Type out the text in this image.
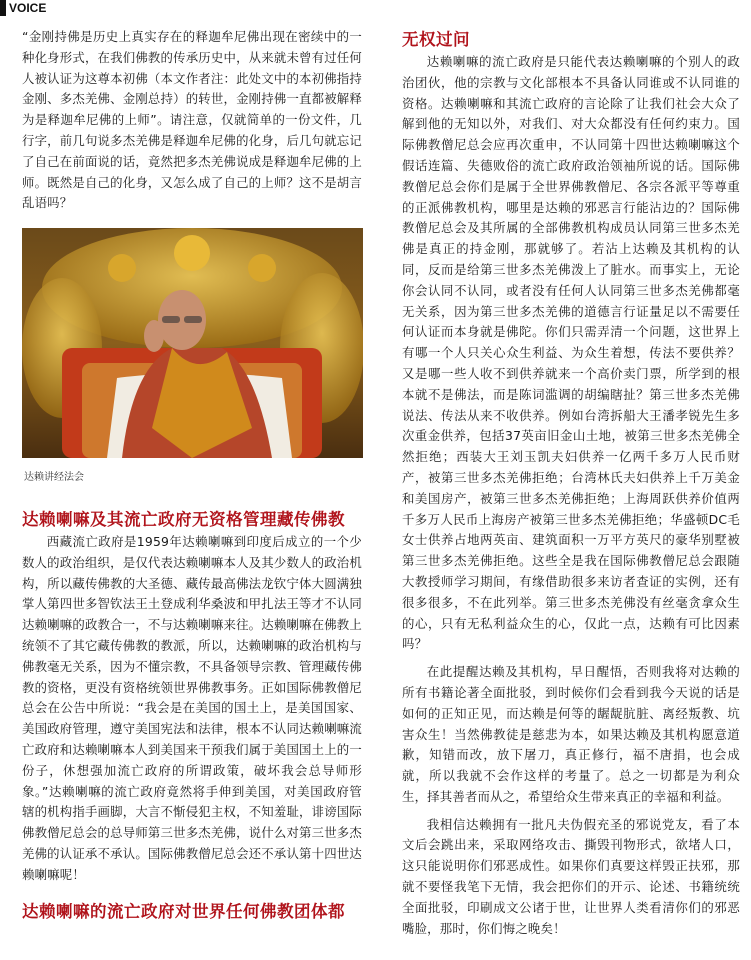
VOICE

“金刚持佛是历史上真实存在的释迦牟尼佛出现在密续中的一种化身形式，在我们佛教的传承历史中，从来就未曾有过任何人被认证为这尊本初佛（本文作者注：此处文中的本初佛指持金刚、多杰羌佛、金刚总持）的转世，金刚持佛一直都被解释为是释迦牟尼佛的上师”。请注意，仅就简单的一份文件，几行字，前几句说多杰羌佛是释迦牟尼佛的化身，后几句就忘记了自己在前面说的话，竟然把多杰羌佛说成是释迦牟尼佛的上师。既然是自己的化身，又怎么成了自己的上师？这不是胡言乱语吗？

达赖讲经法会
达赖喇嘛及其流亡政府无资格管理藏传佛教

西藏流亡政府是1959年达赖喇嘛到印度后成立的一个少数人的政治组织，是仅代表达赖喇嘛本人及其少数人的政治机构，所以藏传佛教的大圣德、藏传最高佛法龙钦宁体大圆满独掌人第四世多智钦法王土登成利华桑波和甲扎法王等才不认同达赖喇嘛的政教合一，不与达赖喇嘛来往。达赖喇嘛在佛教上统领不了其它藏传佛教的教派，所以，达赖喇嘛的政治机构与佛教毫无关系，因为不懂宗教，不具备领导宗教、管理藏传佛教的资格，更没有资格统领世界佛教事务。正如国际佛教僧尼总会在公告中所说：“我会是在美国的国土上，是美国国家、美国政府管理，遵守美国宪法和法律，根本不认同达赖喇嘛流亡政府和达赖喇嘛本人到美国来干预我们属于美国国土上的一份子，休想强加流亡政府的所谓政策，破坏我会总导师形象。”达赖喇嘛的流亡政府竟然将手伸到美国，对美国政府管辖的机构指手画脚，大言不惭侵犯主权，不知羞耻，诽谤国际佛教僧尼总会的总导师第三世多杰羌佛，说什么对第三世多杰羌佛的认证承不承认。国际佛教僧尼总会还不承认第十四世达赖喇嘛呢！

达赖喇嘛的流亡政府对世界任何佛教团体都
无权过问

达赖喇嘛的流亡政府是只能代表达赖喇嘛的个别人的政治团伙，他的宗教与文化部根本不具备认同谁或不认同谁的资格。达赖喇嘛和其流亡政府的言论除了让我们社会大众了解到他的无知以外，对我们、对大众都没有任何约束力。国际佛教僧尼总会应再次重申，不认同第十四世达赖喇嘛这个假话连篇、失德败俗的流亡政府政治领袖所说的话。国际佛教僧尼总会你们是属于全世界佛教僧尼、各宗各派平等尊重的正派佛教机构，哪里是达赖的邪恶言行能沾边的？国际佛教僧尼总会及其所属的全部佛教机构成员认同第三世多杰羌佛是真正的持金刚，那就够了。若沾上达赖及其机构的认同，反而是给第三世多杰羌佛泼上了脏水。而事实上，无论你会认同不认同，或者没有任何人认同第三世多杰羌佛都毫无关系，因为第三世多杰羌佛的道德言行证量足以不需要任何认证而本身就是佛陀。你们只需弄清一个问题，这世界上有哪一个人只关心众生利益、为众生着想，传法不要供养？又是哪一些人收不到供养就来一个高价卖门票，所学到的根本就不是佛法，而是陈词滥调的胡编瞎扯？第三世多杰羌佛说法、传法从来不收供养。例如台湾拆船大王潘孝锐先生多次重金供养，包括37英亩旧金山土地，被第三世多杰羌佛全然拒绝；西装大王刘玉凯夫妇供养一亿两千多万人民币财产，被第三世多杰羌佛拒绝；台湾林氏夫妇供养上千万美金和美国房产，被第三世多杰羌佛拒绝；上海周跃供养价值两千多万人民币上海房产被第三世多杰羌佛拒绝；华盛顿DC毛女士供养占地两英亩、建筑面积一万平方英尺的豪华别墅被第三世多杰羌佛拒绝。这些全是我在国际佛教僧尼总会跟随大教授师学习期间，有缘借助很多来访者查证的实例，还有很多很多，不在此列举。第三世多杰羌佛没有丝毫贪拿众生的心，只有无私利益众生的心，仅此一点，达赖有可比因素吗？

在此提醒达赖及其机构，早日醒悟，否则我将对达赖的所有书籍论著全面批驳，到时候你们会看到我今天说的话是如何的正知正见，而达赖是何等的龌龊肮脏、离经叛教、坑害众生！当然佛教徒是慈悲为本，如果达赖及其机构愿意道歉，知错而改，放下屠刀，真正修行，福不唐捐，也会成就，所以我就不会作这样的考量了。总之一切都是为利众生，择其善者而从之，希望给众生带来真正的幸福和利益。

我相信达赖拥有一批凡夫伪假充圣的邪说党友，看了本文后会跳出来，采取网络攻击、撕毁刊物形式，欲堵人口，这只能说明你们邪恶成性。如果你们真要这样毁正扶邪，那就不要怪我笔下无情，我会把你们的开示、论述、书籍统统全面批驳，印刷成文公诸于世，让世界人类看清你们的邪恶嘴脸，那时，你们悔之晚矣！
